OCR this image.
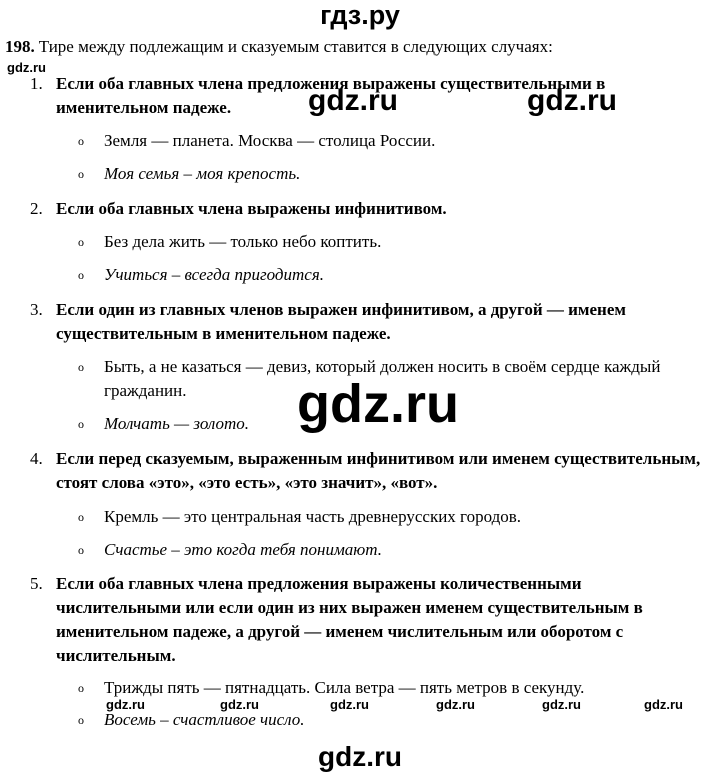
гдз.ру
198. Тире между подлежащим и сказуемым ставится в следующих случаях:
gdz.ru
1. Если оба главных члена предложения выражены существительными в именительном падеже.	gdz.ru	gdz.ru
o Земля — планета. Москва — столица России.
o Моя семья – моя крепость.
2. Если оба главных члена выражены инфинитивом.
o Без дела жить — только небо коптить.
o Учиться – всегда пригодится.
3. Если один из главных членов выражен инфинитивом, а другой — именем существительным в именительном падеже.
o Быть, а не казаться — девиз, который должен носить в своём сердце каждый гражданин.	gdz.ru
o Молчать — золото.
4. Если перед сказуемым, выраженным инфинитивом или именем существительным, стоят слова «это», «это есть», «это значит», «вот».
o Кремль — это центральная часть древнерусских городов.
o Счастье – это когда тебя понимают.
5. Если оба главных члена предложения выражены количественными числительными или если один из них выражен именем существительным в именительном падеже, а другой — именем числительным или оборотом с числительным.
o Трижды пять — пятнадцать. Сила ветра — пять метров в секунду.
gdz.ru	gdz.ru	gdz.ru	gdz.ru	gdz.ru	gdz.ru
o Восемь – счастливое число.
gdz.ru
